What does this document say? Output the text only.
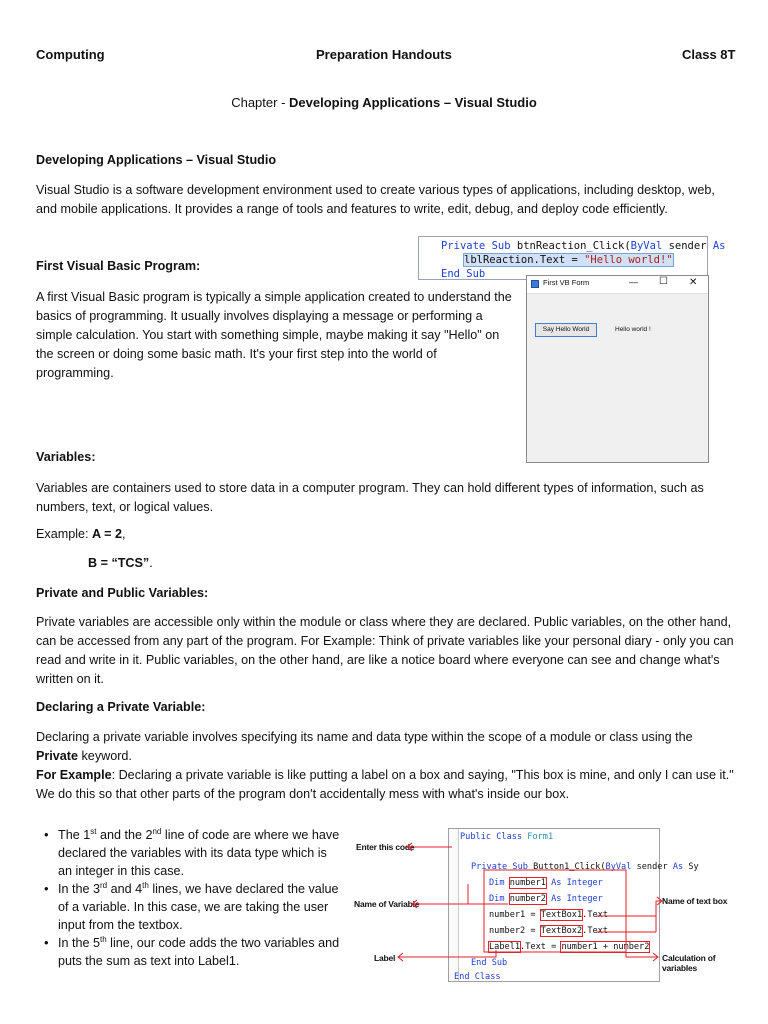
Computing	Preparation Handouts	Class 8T
Chapter - Developing Applications – Visual Studio
Developing Applications – Visual Studio

Visual Studio is a software development environment used to create various types of applications, including desktop, web, and mobile applications. It provides a range of tools and features to write, edit, debug, and deploy code efficiently.

First Visual Basic Program:

A first Visual Basic program is typically a simple application created to understand the basics of programming. It usually involves displaying a message or performing a simple calculation. You start with something simple, maybe making it say "Hello" on the screen or doing some basic math. It's your first step into the world of programming.

Private Sub btnReaction_Click(ByVal sender As
lblReaction.Text = "Hello world!"
End Sub
First VB Form	— ☐ ✕
Say Hello World	Hello world !
Variables:

Variables are containers used to store data in a computer program. They can hold different types of information, such as numbers, text, or logical values.

Example: A = 2,
B = “TCS”.
Private and Public Variables:

Private variables are accessible only within the module or class where they are declared. Public variables, on the other hand, can be accessed from any part of the program. For Example: Think of private variables like your personal diary - only you can read and write in it. Public variables, on the other hand, are like a notice board where everyone can see and change what's written on it.

Declaring a Private Variable:

Declaring a private variable involves specifying its name and data type within the scope of a module or class using the Private keyword.
For Example: Declaring a private variable is like putting a label on a box and saying, "This box is mine, and only I can use it." We do this so that other parts of the program don't accidentally mess with what's inside our box.

• The 1st and the 2nd line of code are where we have declared the variables with its data type which is an integer in this case.
• In the 3rd and 4th lines, we have declared the value of a variable. In this case, we are taking the user input from the textbox.
• In the 5th line, our code adds the two variables and puts the sum as text into Label1.
Public Class Form1
Private Sub Button1_Click(ByVal sender As Sy
Dim number1 As Integer
Dim number2 As Integer
number1 = TextBox1.Text
number2 = TextBox2.Text
Label1.Text = number1 + number2
End Sub
End Class
Enter this code
Name of Variable
Label
Name of text box
Calculation of variables
